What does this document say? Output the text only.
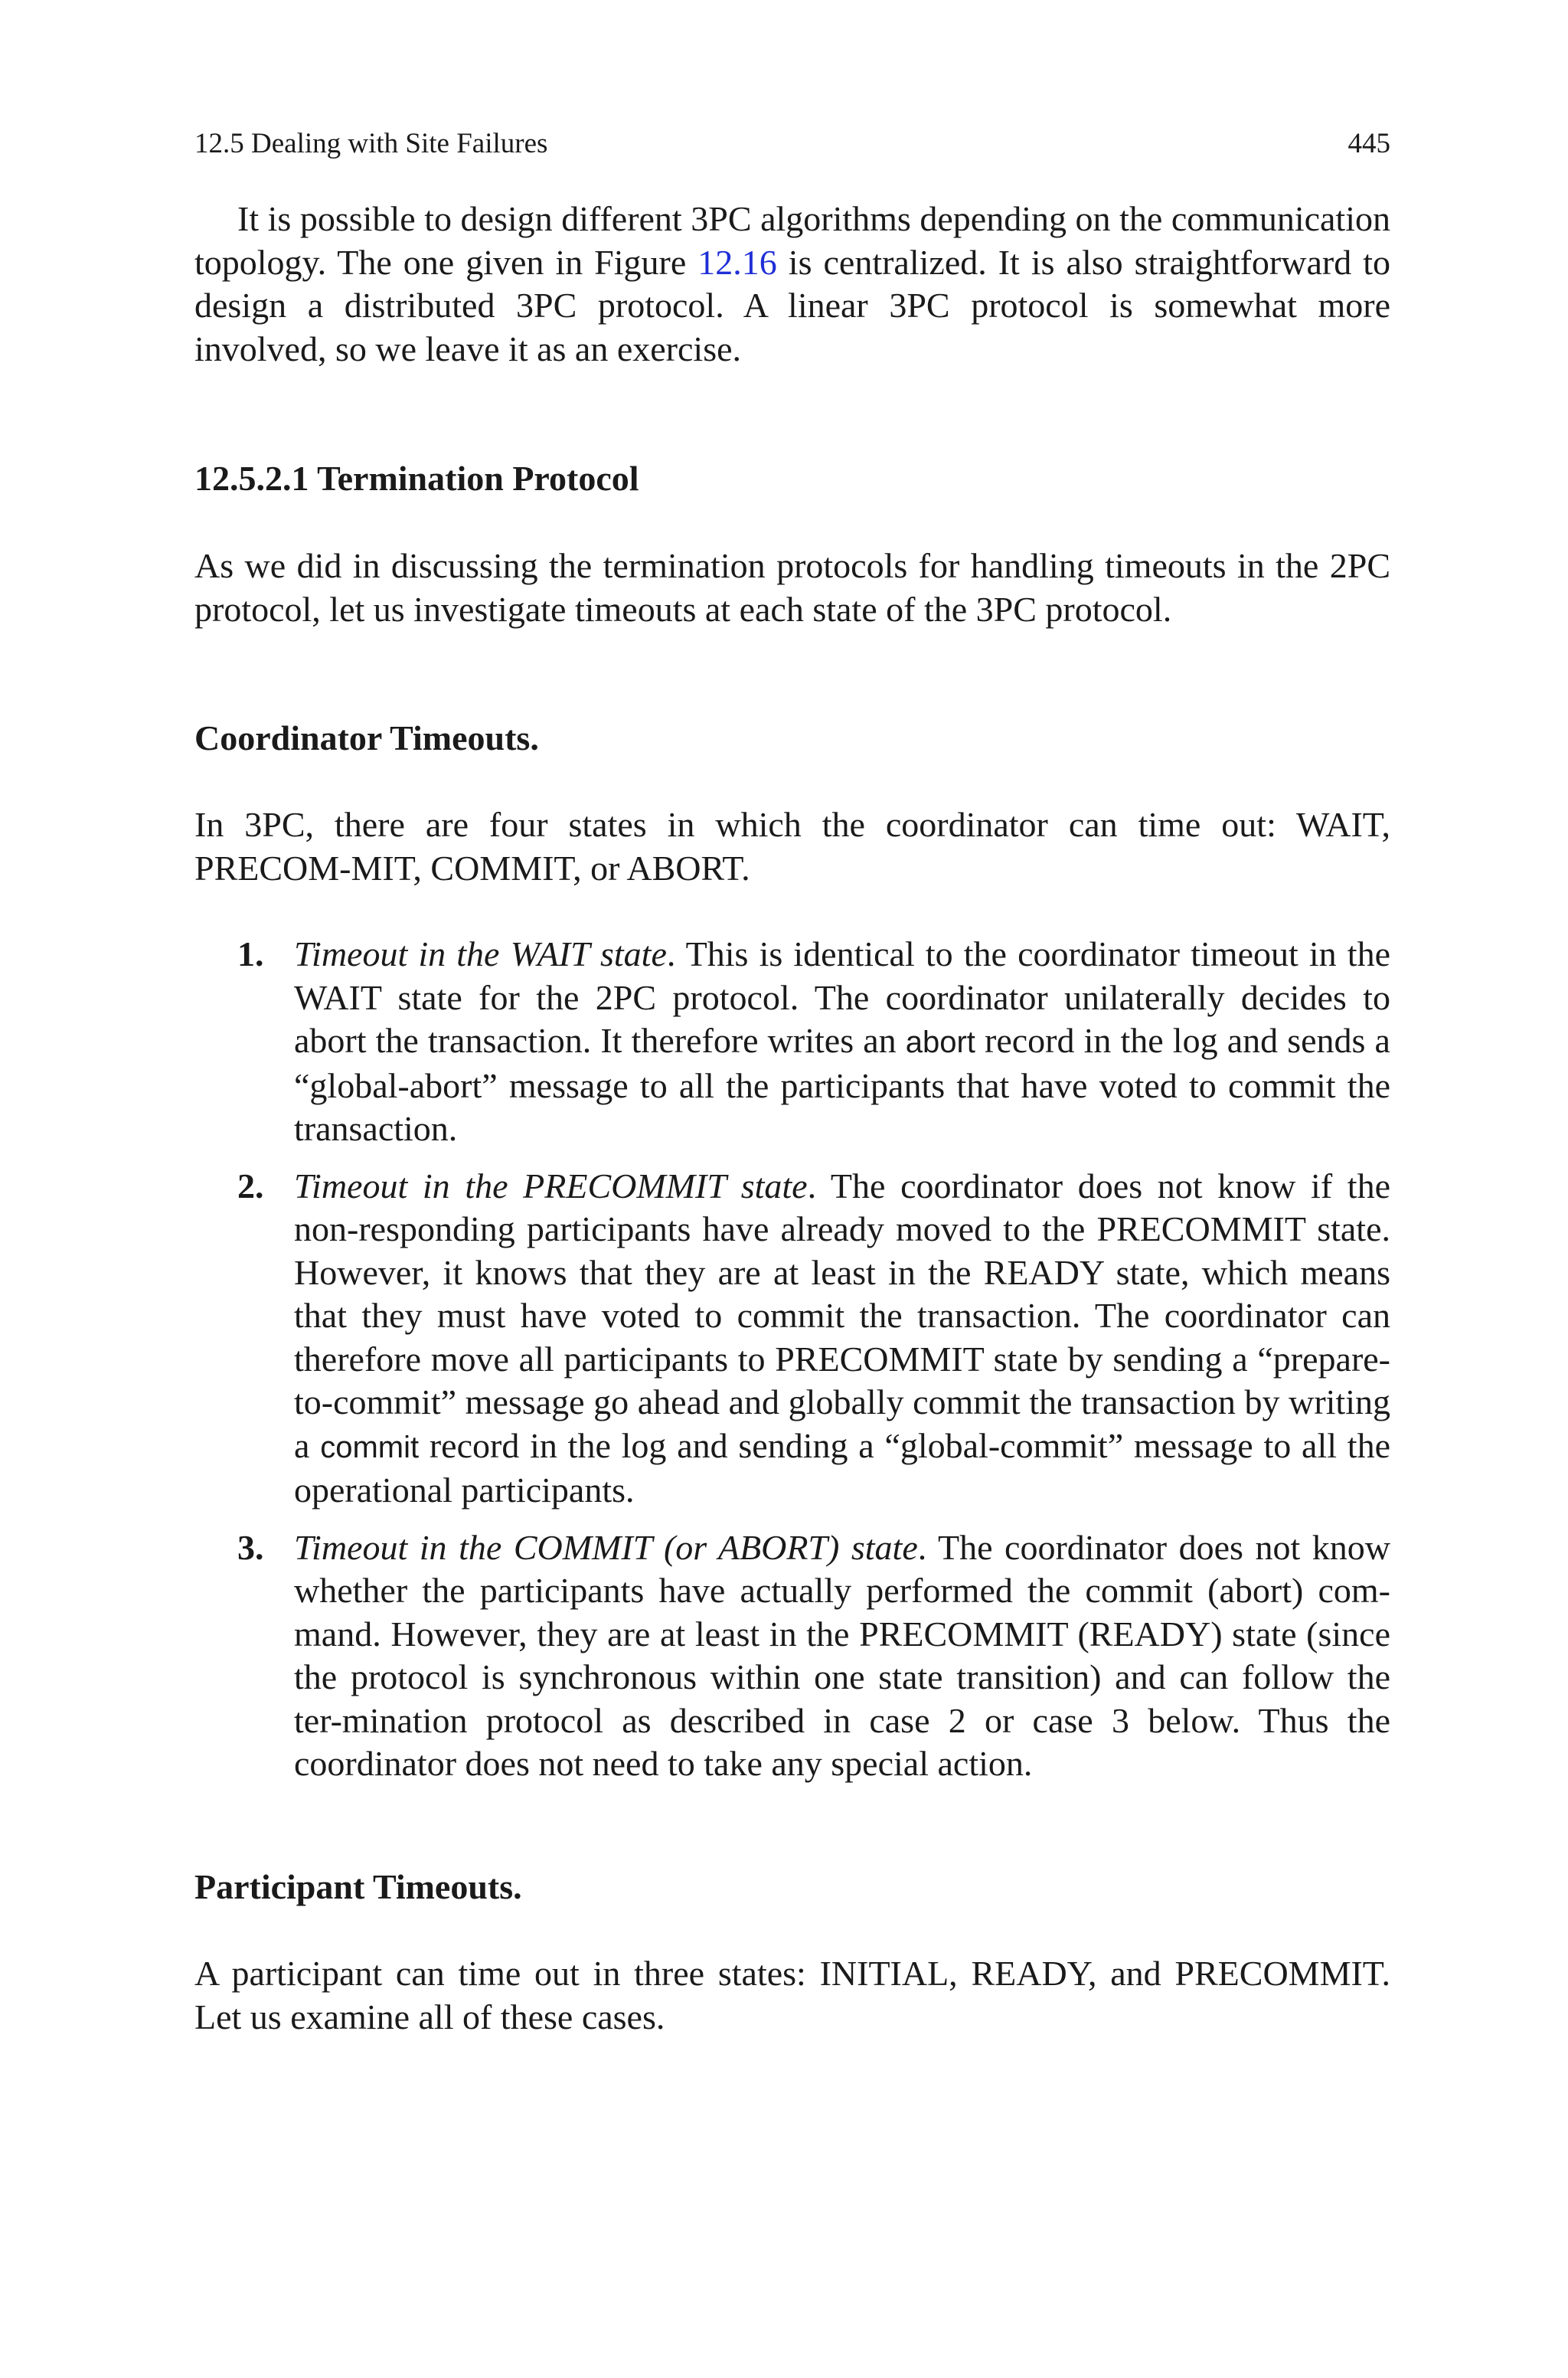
12.5 Dealing with Site Failures	445

It is possible to design different 3PC algorithms depending on the communication topology. The one given in Figure 12.16 is centralized. It is also straightforward to design a distributed 3PC protocol. A linear 3PC protocol is somewhat more involved, so we leave it as an exercise.

12.5.2.1 Termination Protocol

As we did in discussing the termination protocols for handling timeouts in the 2PC protocol, let us investigate timeouts at each state of the 3PC protocol.

Coordinator Timeouts.

In 3PC, there are four states in which the coordinator can time out: WAIT, PRECOM-MIT, COMMIT, or ABORT.

1. Timeout in the WAIT state. This is identical to the coordinator timeout in the WAIT state for the 2PC protocol. The coordinator unilaterally decides to abort the transaction. It therefore writes an abort record in the log and sends a “global-abort” message to all the participants that have voted to commit the transaction.
2. Timeout in the PRECOMMIT state. The coordinator does not know if the non-responding participants have already moved to the PRECOMMIT state. However, it knows that they are at least in the READY state, which means that they must have voted to commit the transaction. The coordinator can therefore move all participants to PRECOMMIT state by sending a “prepare-to-commit” message go ahead and globally commit the transaction by writing a commit record in the log and sending a “global-commit” message to all the operational participants.
3. Timeout in the COMMIT (or ABORT) state. The coordinator does not know whether the participants have actually performed the commit (abort) com-mand. However, they are at least in the PRECOMMIT (READY) state (since the protocol is synchronous within one state transition) and can follow the ter-mination protocol as described in case 2 or case 3 below. Thus the coordinator does not need to take any special action.
Participant Timeouts.

A participant can time out in three states: INITIAL, READY, and PRECOMMIT. Let us examine all of these cases.
